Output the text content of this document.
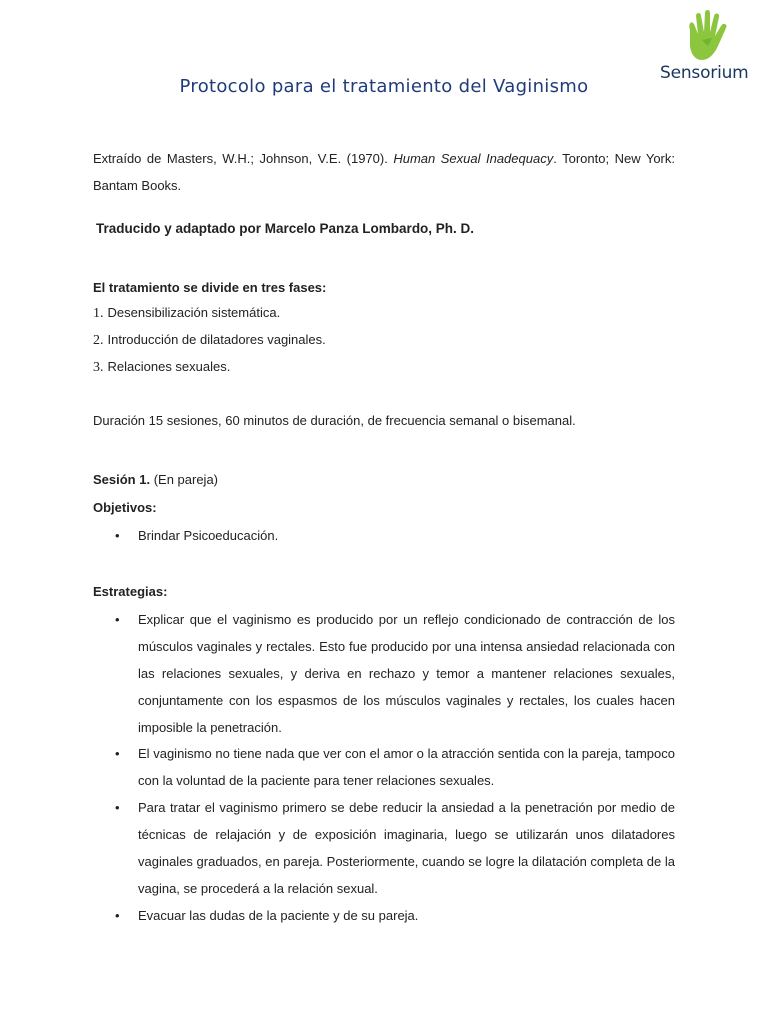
Sensorium
Protocolo para el tratamiento del Vaginismo

Extraído de Masters, W.H.; Johnson, V.E. (1970). Human Sexual Inadequacy. Toronto; New York: Bantam Books.

Traducido y adaptado por Marcelo Panza Lombardo, Ph. D.

El tratamiento se divide en tres fases:

1. Desensibilización sistemática.
2. Introducción de dilatadores vaginales.
3. Relaciones sexuales.

Duración 15 sesiones, 60 minutos de duración, de frecuencia semanal o bisemanal.

Sesión 1. (En pareja)

Objetivos:

• Brindar Psicoeducación.

Estrategias:

• Explicar que el vaginismo es producido por un reflejo condicionado de contracción de los músculos vaginales y rectales. Esto fue producido por una intensa ansiedad relacionada con las relaciones sexuales, y deriva en rechazo y temor a mantener relaciones sexuales, conjuntamente con los espasmos de los músculos vaginales y rectales, los cuales hacen imposible la penetración.
• El vaginismo no tiene nada que ver con el amor o la atracción sentida con la pareja, tampoco con la voluntad de la paciente para tener relaciones sexuales.
• Para tratar el vaginismo primero se debe reducir la ansiedad a la penetración por medio de técnicas de relajación y de exposición imaginaria, luego se utilizarán unos dilatadores vaginales graduados, en pareja. Posteriormente, cuando se logre la dilatación completa de la vagina, se procederá a la relación sexual.
• Evacuar las dudas de la paciente y de su pareja.
